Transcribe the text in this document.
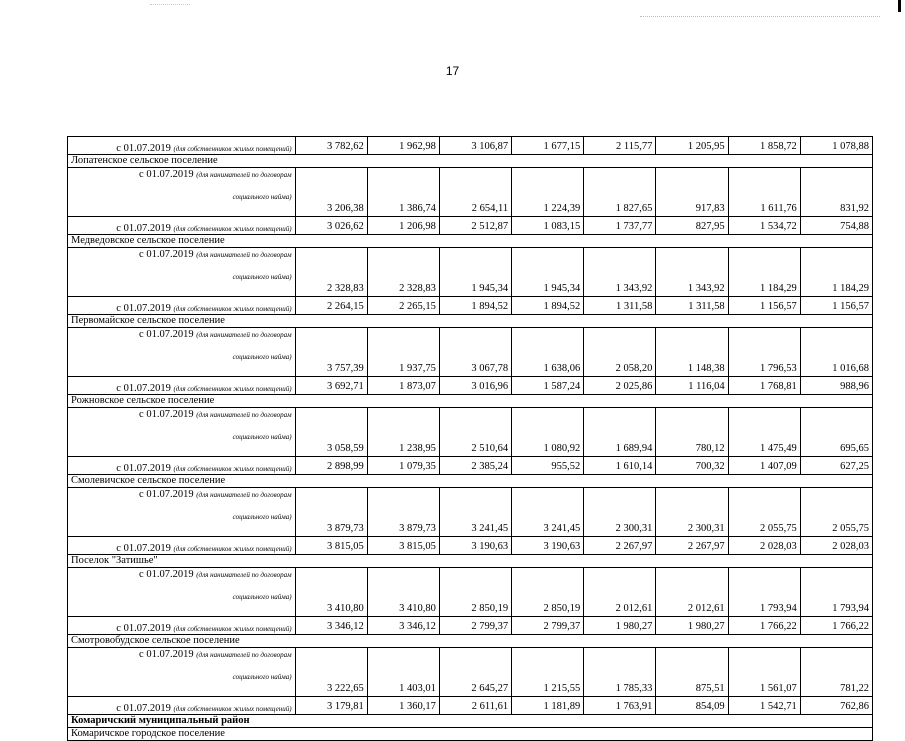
17
с 01.07.2019 (для собственников жилых помещений)	3 782,62	1 962,98	3 106,87	1 677,15	2 115,77	1 205,95	1 858,72	1 078,88
Лопатенское сельское поселение								

с 01.07.2019 (для нанимателей по договорам
социального найма)	3 206,38	1 386,74	2 654,11	1 224,39	1 827,65	917,83	1 611,76	831,92
с 01.07.2019 (для собственников жилых помещений)	3 026,62	1 206,98	2 512,87	1 083,15	1 737,77	827,95	1 534,72	754,88
Медведовское сельское поселение								

с 01.07.2019 (для нанимателей по договорам
социального найма)	2 328,83	2 328,83	1 945,34	1 945,34	1 343,92	1 343,92	1 184,29	1 184,29
с 01.07.2019 (для собственников жилых помещений)	2 264,15	2 265,15	1 894,52	1 894,52	1 311,58	1 311,58	1 156,57	1 156,57
Первомайское сельское поселение								

с 01.07.2019 (для нанимателей по договорам
социального найма)	3 757,39	1 937,75	3 067,78	1 638,06	2 058,20	1 148,38	1 796,53	1 016,68
с 01.07.2019 (для собственников жилых помещений)	3 692,71	1 873,07	3 016,96	1 587,24	2 025,86	1 116,04	1 768,81	988,96
Рожновское сельское поселение								

с 01.07.2019 (для нанимателей по договорам
социального найма)	3 058,59	1 238,95	2 510,64	1 080,92	1 689,94	780,12	1 475,49	695,65
с 01.07.2019 (для собственников жилых помещений)	2 898,99	1 079,35	2 385,24	955,52	1 610,14	700,32	1 407,09	627,25
Смолевичское сельское поселение								

с 01.07.2019 (для нанимателей по договорам
социального найма)	3 879,73	3 879,73	3 241,45	3 241,45	2 300,31	2 300,31	2 055,75	2 055,75
с 01.07.2019 (для собственников жилых помещений)	3 815,05	3 815,05	3 190,63	3 190,63	2 267,97	2 267,97	2 028,03	2 028,03
Поселок "Затишье"								

с 01.07.2019 (для нанимателей по договорам
социального найма)	3 410,80	3 410,80	2 850,19	2 850,19	2 012,61	2 012,61	1 793,94	1 793,94
с 01.07.2019 (для собственников жилых помещений)	3 346,12	3 346,12	2 799,37	2 799,37	1 980,27	1 980,27	1 766,22	1 766,22
Смотровобудское сельское поселение								

с 01.07.2019 (для нанимателей по договорам
социального найма)	3 222,65	1 403,01	2 645,27	1 215,55	1 785,33	875,51	1 561,07	781,22
с 01.07.2019 (для собственников жилых помещений)	3 179,81	1 360,17	2 611,61	1 181,89	1 763,91	854,09	1 542,71	762,86
Комаричский муниципальный район								
Комаричское городское поселение								
